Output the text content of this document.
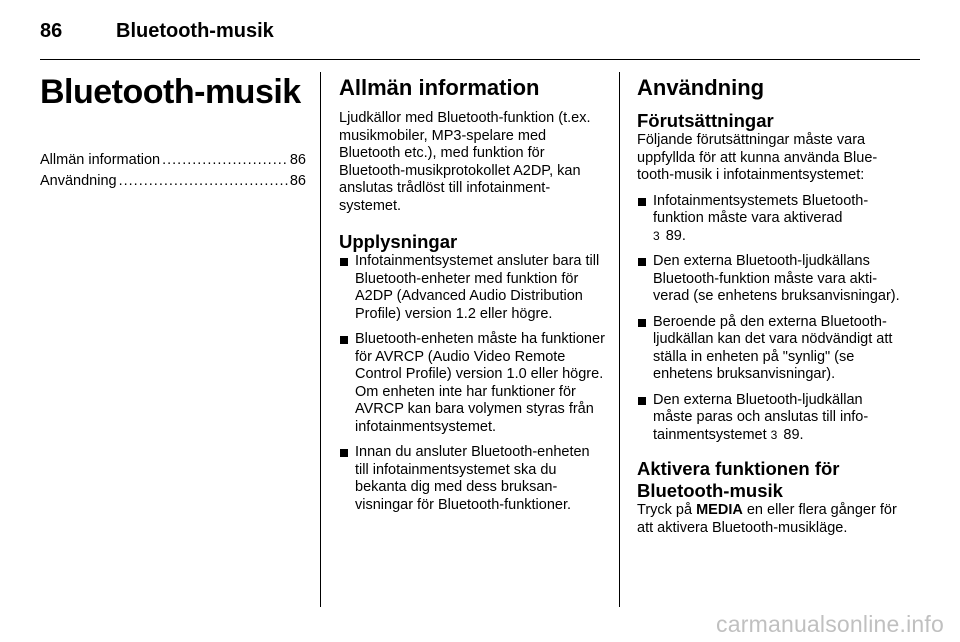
86	Bluetooth-musik
Bluetooth-musik
Allmän information .....	86
Användning .....	86
Allmän information

Ljudkällor med Bluetooth-funktion (t.ex. musikmobiler, MP3-spelare med Bluetooth etc.), med funktion för Bluetooth-musikprotokollet A2DP, kan anslutas trådlöst till infotainmentsystemet.

Upplysningar
Infotainmentsystemet ansluter bara till Bluetooth-enheter med funktion för A2DP (Advanced Audio Distribution Profile) version 1.2 eller högre.
Bluetooth-enheten måste ha funktioner för AVRCP (Audio Video Remote Control Profile) version 1.0 eller högre. Om enheten inte har funktioner för AVRCP kan bara volymen styras från infotainmentsystemet.
Innan du ansluter Bluetooth-enheten till infotainmentsystemet ska du bekanta dig med dess bruksanvisningar för Bluetooth-funktioner.
Användning
Förutsättningar

Följande förutsättningar måste vara uppfyllda för att kunna använda Bluetooth-musik i infotainmentsystemet:

Infotainmentsystemets Bluetooth-funktion måste vara aktiverad
3 89.
Den externa Bluetooth-ljudkällans Bluetooth-funktion måste vara aktiverad (se enhetens bruksanvisningar).
Beroende på den externa Bluetooth-ljudkällan kan det vara nödvändigt att ställa in enheten på "synlig" (se enhetens bruksanvisningar).
Den externa Bluetooth-ljudkällan måste paras och anslutas till infotainmentsystemet 3 89.
Aktivera funktionen för Bluetooth-musik

Tryck på MEDIA en eller flera gånger för att aktivera Bluetooth-musikläge.

carmanualsonline.info
